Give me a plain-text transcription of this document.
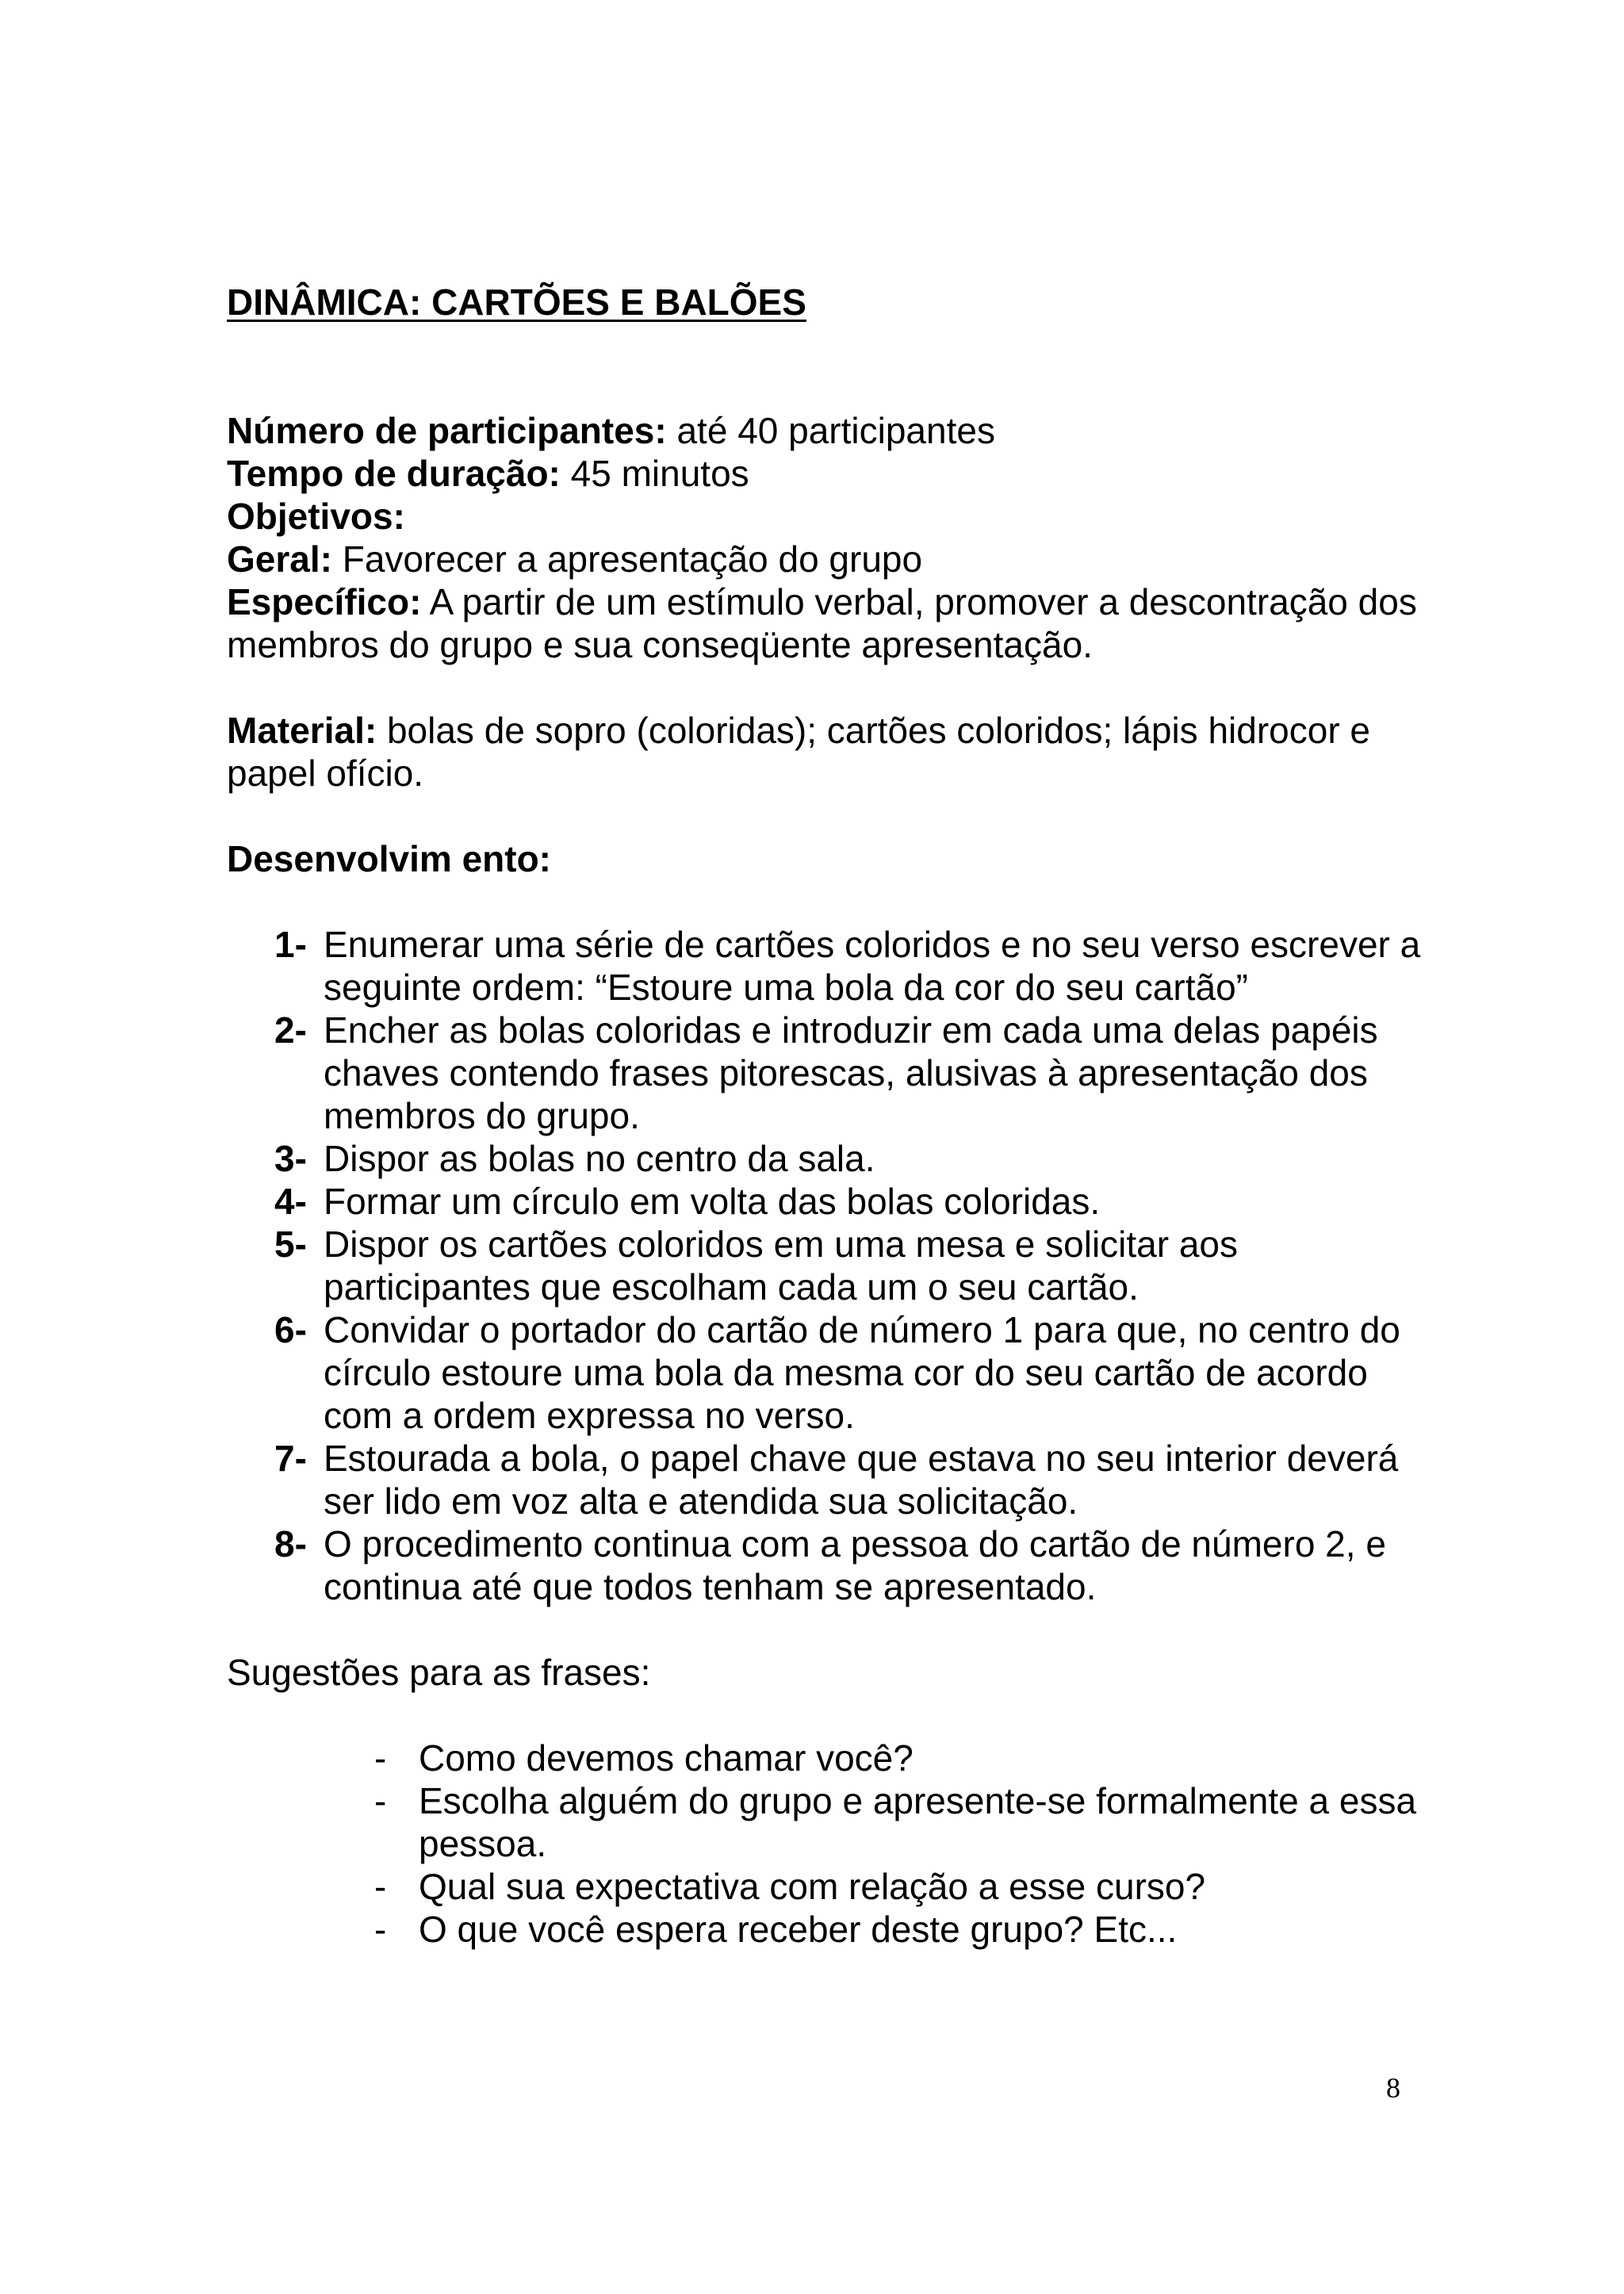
DINÂMICA: CARTÕES E BALÕES

Número de participantes: até 40 participantes

Tempo de duração: 45 minutos

Objetivos:

Geral: Favorecer a apresentação do grupo

Específico: A partir de um estímulo verbal, promover a descontração dos membros do grupo e sua conseqüente apresentação.

Material: bolas de sopro (coloridas); cartões coloridos; lápis hidrocor e papel ofício.

Desenvolvim ento:

1- Enumerar uma série de cartões coloridos e no seu verso escrever a seguinte ordem: “Estoure uma bola da cor do seu cartão”
2- Encher as bolas coloridas e introduzir em cada uma delas papéis chaves contendo frases pitorescas, alusivas à apresentação dos membros do grupo.
3- Dispor as bolas no centro da sala.
4- Formar um círculo em volta das bolas coloridas.
5- Dispor os cartões coloridos em uma mesa e solicitar aos participantes que escolham cada um o seu cartão.
6- Convidar o portador do cartão de número 1 para que, no centro do círculo estoure uma bola da mesma cor do seu cartão de acordo com a ordem expressa no verso.
7- Estourada a bola, o papel chave que estava no seu interior deverá ser lido em voz alta e atendida sua solicitação.
8- O procedimento continua com a pessoa do cartão de número 2, e continua até que todos tenham se apresentado.

Sugestões para as frases:

- Como devemos chamar você?
- Escolha alguém do grupo e apresente-se formalmente a essa pessoa.
- Qual sua expectativa com relação a esse curso?
- O que você espera receber deste grupo? Etc...
8
